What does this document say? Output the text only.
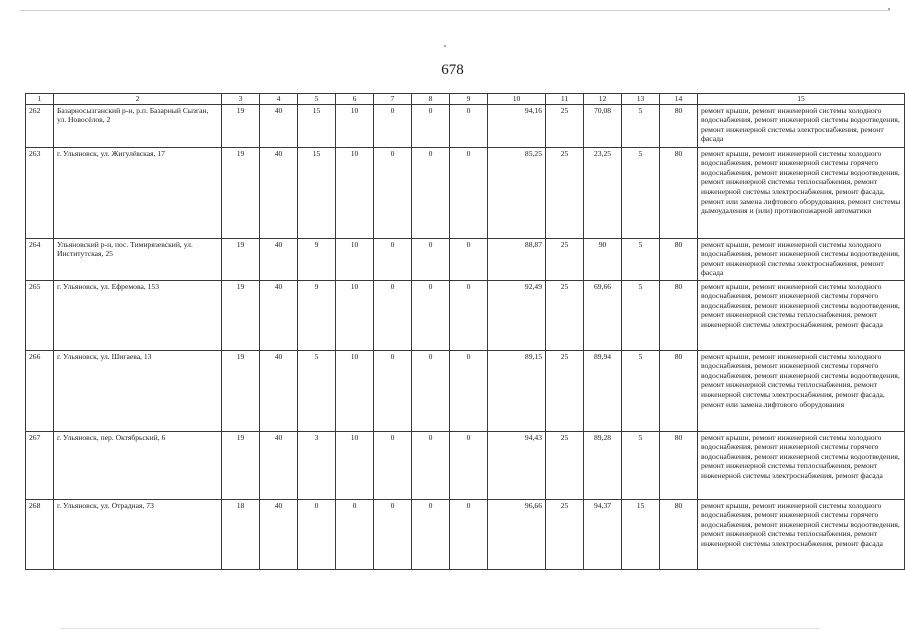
678
1	2	3	4	5	6	7	8	9	10	11	12	13	14	15
262	Базарносызганский р-н, р.п. Базарный Сызган, ул. Новосёлов, 2	19	40	15	10	0	0	0	94,16	25	70,08	5	80	ремонт крыши, ремонт инженерной системы холодного водоснабжения, ремонт инженерной системы водоотведения, ремонт инженерной системы электроснабжения, ремонт фасада
263	г. Ульяновск, ул. Жигулёвская, 17	19	40	15	10	0	0	0	85,25	25	23,25	5	80	ремонт крыши, ремонт инженерной системы холодного водоснабжения, ремонт инженерной системы горячего водоснабжения, ремонт инженерной системы водоотведения, ремонт инженерной системы теплоснабжения, ремонт инженерной системы электроснабжения, ремонт фасада, ремонт или замена лифтового оборудования, ремонт системы дымоудаления и (или) противопожарной автоматики
264	Ульяновский р-н, пос. Тимирязевский, ул. Институтская, 25	19	40	9	10	0	0	0	88,87	25	90	5	80	ремонт крыши, ремонт инженерной системы холодного водоснабжения, ремонт инженерной системы водоотведения, ремонт инженерной системы электроснабжения, ремонт фасада
265	г. Ульяновск, ул. Ефремова, 153	19	40	9	10	0	0	0	92,49	25	69,66	5	80	ремонт крыши, ремонт инженерной системы холодного водоснабжения, ремонт инженерной системы горячего водоснабжения, ремонт инженерной системы водоотведения, ремонт инженерной системы теплоснабжения, ремонт инженерной системы электроснабжения, ремонт фасада
266	г. Ульяновск, ул. Шигаева, 13	19	40	5	10	0	0	0	89,15	25	89,94	5	80	ремонт крыши, ремонт инженерной системы холодного водоснабжения, ремонт инженерной системы горячего водоснабжения, ремонт инженерной системы водоотведения, ремонт инженерной системы теплоснабжения, ремонт инженерной системы электроснабжения, ремонт фасада, ремонт или замена лифтового оборудования
267	г. Ульяновск, пер. Октябрьский, 6	19	40	3	10	0	0	0	94,43	25	89,28	5	80	ремонт крыши, ремонт инженерной системы холодного водоснабжения, ремонт инженерной системы горячего водоснабжения, ремонт инженерной системы водоотведения, ремонт инженерной системы теплоснабжения, ремонт инженерной системы электроснабжения, ремонт фасада
268	г. Ульяновск, ул. Отрадная, 73	18	40	0	0	0	0	0	96,66	25	94,37	15	80	ремонт крыши, ремонт инженерной системы холодного водоснабжения, ремонт инженерной системы горячего водоснабжения, ремонт инженерной системы водоотведения, ремонт инженерной системы теплоснабжения, ремонт инженерной системы электроснабжения, ремонт фасада
